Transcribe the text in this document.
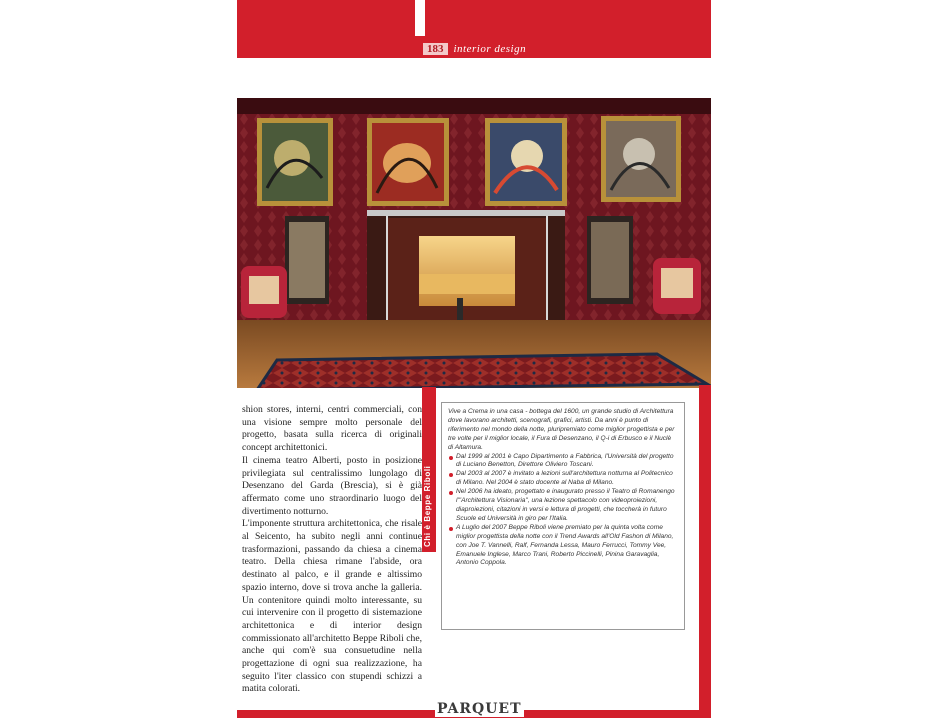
183 interior design

shion stores, interni, centri commerciali, con una visione sempre molto personale del progetto, basata sulla ricerca di originali concept architettonici.

Il cinema teatro Alberti, posto in posizione privilegiata sul centralissimo lungolago di Desenzano del Garda (Brescia), si è già affermato come uno straordinario luogo del divertimento notturno.

L'imponente struttura architettonica, che risale al Seicento, ha subito negli anni continue trasformazioni, passando da chiesa a cinema teatro. Della chiesa rimane l'abside, ora destinato al palco, e il grande e altissimo spazio interno, dove si trova anche la galleria. Un contenitore quindi molto interessante, su cui intervenire con il progetto di sistemazione architettonica e di interior design commissionato all'architetto Beppe Riboli che, anche qui com'è sua consuetudine nella progettazione di ogni sua realizzazione, ha seguito l'iter classico con stupendi schizzi a matita colorati.

Chi è Beppe Riboli

Vive a Crema in una casa - bottega del 1600, un grande studio di Architettura dove lavorano architetti, scenografi, grafici, artisti. Da anni è punto di riferimento nel mondo della notte, pluripremiato come miglior progettista e per tre volte per il miglior locale, il Fura di Desenzano, il Q-i di Erbusco e il Nuclè di Altamura.

Dal 1999 al 2001 è Capo Dipartimento a Fabbrica, l'Università del progetto di Luciano Benetton, Direttore Oliviero Toscani.
Dal 2003 al 2007 è invitato a lezioni sull'architettura notturna al Politecnico di Milano. Nel 2004 è stato docente al Naba di Milano.
Nel 2006 ha ideato, progettato e inaugurato presso il Teatro di Romanengo l'"Architettura Visionaria", una lezione spettacolo con videoproiezioni, diaproiezioni, citazioni in versi e lettura di progetti, che toccherà in futuro Scuole ed Università in giro per l'Italia.
A Luglio del 2007 Beppe Riboli viene premiato per la quinta volta come miglior progettista della notte con il Trend Awards all'Old Fashon di Milano, con Joe T. Vannelli, Ralf, Fernanda Lessa, Mauro Ferrucci, Tommy Vee, Emanuele Inglese, Marco Trani, Roberto Piccinelli, Pinina Garavaglia, Antonio Coppola.
PARQUET
